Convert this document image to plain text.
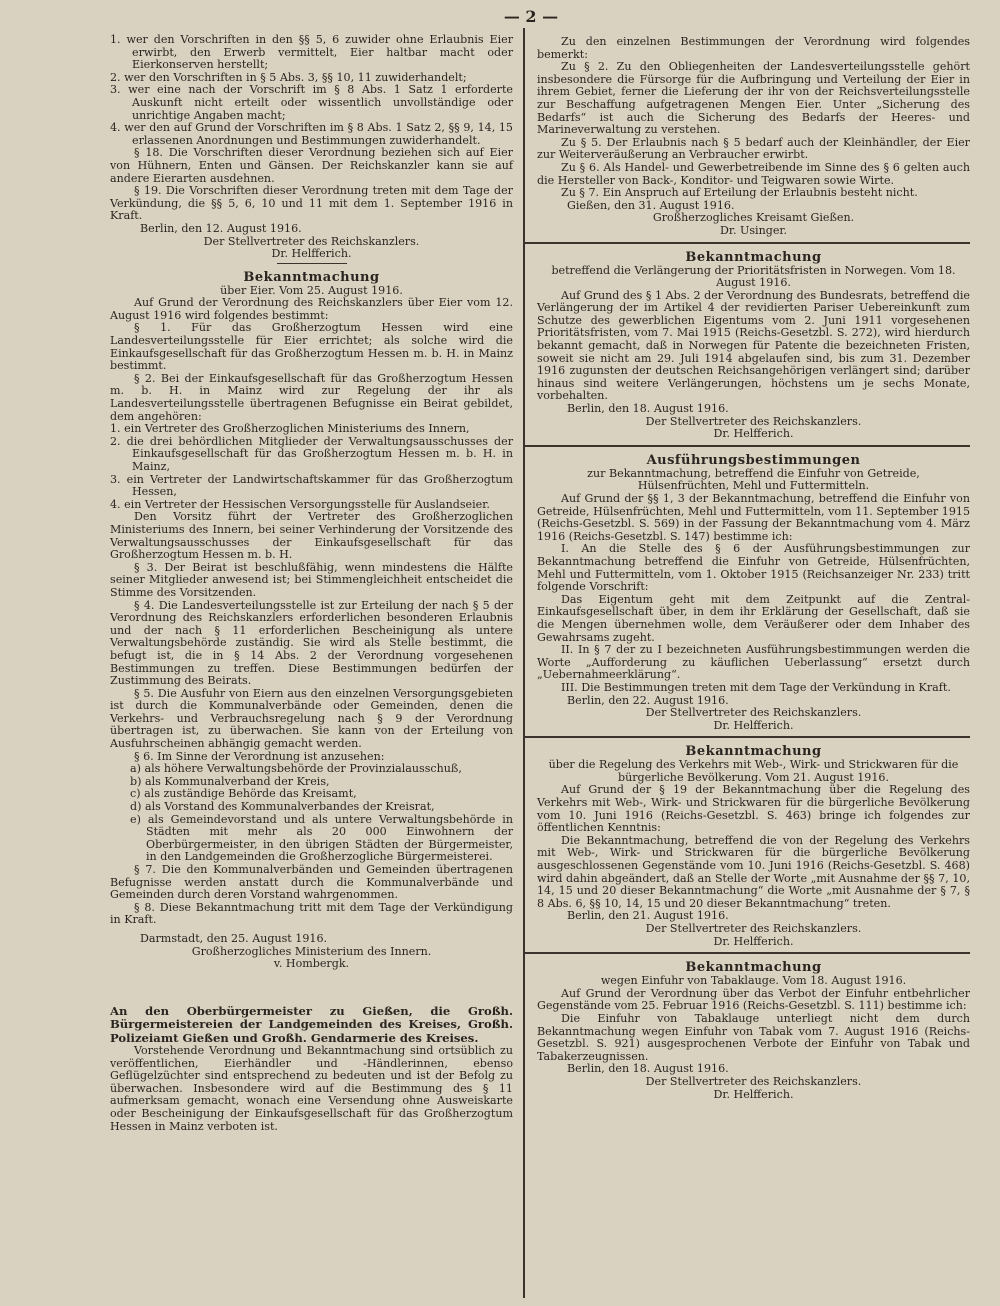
— 2 —

1. wer den Vorschriften in den §§ 5, 6 zuwider ohne Erlaubnis Eier erwirbt, den Erwerb vermittelt, Eier haltbar macht oder Eierkonserven herstellt;

2. wer den Vorschriften in § 5 Abs. 3, §§ 10, 11 zuwiderhandelt;

3. wer eine nach der Vorschrift im § 8 Abs. 1 Satz 1 erforderte Auskunft nicht erteilt oder wissentlich unvollständige oder unrichtige Angaben macht;

4. wer den auf Grund der Vorschriften im § 8 Abs. 1 Satz 2, §§ 9, 14, 15 erlassenen Anordnungen und Bestimmungen zuwiderhandelt.

§ 18. Die Vorschriften dieser Verordnung beziehen sich auf Eier von Hühnern, Enten und Gänsen. Der Reichskanzler kann sie auf andere Eierarten ausdehnen.

§ 19. Die Vorschriften dieser Verordnung treten mit dem Tage der Verkündung, die §§ 5, 6, 10 und 11 mit dem 1. September 1916 in Kraft.

Berlin, den 12. August 1916.

Der Stellvertreter des Reichskanzlers.

Dr. Helfferich.

Bekanntmachung

über Eier. Vom 25. August 1916.

Auf Grund der Verordnung des Reichskanzlers über Eier vom 12. August 1916 wird folgendes bestimmt:

§ 1. Für das Großherzogtum Hessen wird eine Landesverteilungsstelle für Eier errichtet; als solche wird die Einkaufsgesellschaft für das Großherzogtum Hessen m. b. H. in Mainz bestimmt.

§ 2. Bei der Einkaufsgesellschaft für das Großherzogtum Hessen m. b. H. in Mainz wird zur Regelung der ihr als Landesverteilungsstelle übertragenen Befugnisse ein Beirat gebildet, dem angehören:

1. ein Vertreter des Großherzoglichen Ministeriums des Innern,

2. die drei behördlichen Mitglieder der Verwaltungsausschusses der Einkaufsgesellschaft für das Großherzogtum Hessen m. b. H. in Mainz,

3. ein Vertreter der Landwirtschaftskammer für das Großherzogtum Hessen,

4. ein Vertreter der Hessischen Versorgungsstelle für Auslandseier.

Den Vorsitz führt der Vertreter des Großherzoglichen Ministeriums des Innern, bei seiner Verhinderung der Vorsitzende des Verwaltungsausschusses der Einkaufsgesellschaft für das Großherzogtum Hessen m. b. H.

§ 3. Der Beirat ist beschlußfähig, wenn mindestens die Hälfte seiner Mitglieder anwesend ist; bei Stimmengleichheit entscheidet die Stimme des Vorsitzenden.

§ 4. Die Landesverteilungsstelle ist zur Erteilung der nach § 5 der Verordnung des Reichskanzlers erforderlichen besonderen Erlaubnis und der nach § 11 erforderlichen Bescheinigung als untere Verwaltungsbehörde zuständig. Sie wird als Stelle bestimmt, die befugt ist, die in § 14 Abs. 2 der Verordnung vorgesehenen Bestimmungen zu treffen. Diese Bestimmungen bedürfen der Zustimmung des Beirats.

§ 5. Die Ausfuhr von Eiern aus den einzelnen Versorgungsgebieten ist durch die Kommunalverbände oder Gemeinden, denen die Verkehrs- und Verbrauchsregelung nach § 9 der Verordnung übertragen ist, zu überwachen. Sie kann von der Erteilung von Ausfuhrscheinen abhängig gemacht werden.

§ 6. Im Sinne der Verordnung ist anzusehen:

a) als höhere Verwaltungsbehörde der Provinzialausschuß,

b) als Kommunalverband der Kreis,

c) als zuständige Behörde das Kreisamt,

d) als Vorstand des Kommunalverbandes der Kreisrat,

e) als Gemeindevorstand und als untere Verwaltungsbehörde in Städten mit mehr als 20 000 Einwohnern der Oberbürgermeister, in den übrigen Städten der Bürgermeister, in den Landgemeinden die Großherzogliche Bürgermeisterei.

§ 7. Die den Kommunalverbänden und Gemeinden übertragenen Befugnisse werden anstatt durch die Kommunalverbände und Gemeinden durch deren Vorstand wahrgenommen.

§ 8. Diese Bekanntmachung tritt mit dem Tage der Verkündigung in Kraft.

Darmstadt, den 25. August 1916.

Großherzogliches Ministerium des Innern.

v. Hombergk.

An den Oberbürgermeister zu Gießen, die Großh. Bürgermeistereien der Landgemeinden des Kreises, Großh. Polizeiamt Gießen und Großh. Gendarmerie des Kreises.

Vorstehende Verordnung und Bekanntmachung sind ortsüblich zu veröffentlichen, Eierhändler und -Händlerinnen, ebenso Geflügelzüchter sind entsprechend zu bedeuten und ist der Befolg zu überwachen. Insbesondere wird auf die Bestimmung des § 11 aufmerksam gemacht, wonach eine Versendung ohne Ausweiskarte oder Bescheinigung der Einkaufsgesellschaft für das Großherzogtum Hessen in Mainz verboten ist.

Zu den einzelnen Bestimmungen der Verordnung wird folgendes bemerkt:

Zu § 2. Zu den Obliegenheiten der Landesverteilungsstelle gehört insbesondere die Fürsorge für die Aufbringung und Verteilung der Eier in ihrem Gebiet, ferner die Lieferung der ihr von der Reichsverteilungsstelle zur Beschaffung aufgetragenen Mengen Eier. Unter „Sicherung des Bedarfs“ ist auch die Sicherung des Bedarfs der Heeres- und Marineverwaltung zu verstehen.

Zu § 5. Der Erlaubnis nach § 5 bedarf auch der Kleinhändler, der Eier zur Weiterveräußerung an Verbraucher erwirbt.

Zu § 6. Als Handel- und Gewerbetreibende im Sinne des § 6 gelten auch die Hersteller von Back-, Konditor- und Teigwaren sowie Wirte.

Zu § 7. Ein Anspruch auf Erteilung der Erlaubnis besteht nicht.

Gießen, den 31. August 1916.

Großherzogliches Kreisamt Gießen.

Dr. Usinger.

Bekanntmachung

betreffend die Verlängerung der Prioritätsfristen in Norwegen. Vom 18. August 1916.

Auf Grund des § 1 Abs. 2 der Verordnung des Bundesrats, betreffend die Verlängerung der im Artikel 4 der revidierten Pariser Uebereinkunft zum Schutze des gewerblichen Eigentums vom 2. Juni 1911 vorgesehenen Prioritätsfristen, vom 7. Mai 1915 (Reichs-Gesetzbl. S. 272), wird hierdurch bekannt gemacht, daß in Norwegen für Patente die bezeichneten Fristen, soweit sie nicht am 29. Juli 1914 abgelaufen sind, bis zum 31. Dezember 1916 zugunsten der deutschen Reichsangehörigen verlängert sind; darüber hinaus sind weitere Verlängerungen, höchstens um je sechs Monate, vorbehalten.

Berlin, den 18. August 1916.

Der Stellvertreter des Reichskanzlers.

Dr. Helfferich.

Ausführungsbestimmungen

zur Bekanntmachung, betreffend die Einfuhr von Getreide, Hülsenfrüchten, Mehl und Futtermitteln.

Auf Grund der §§ 1, 3 der Bekanntmachung, betreffend die Einfuhr von Getreide, Hülsenfrüchten, Mehl und Futtermitteln, vom 11. September 1915 (Reichs-Gesetzbl. S. 569) in der Fassung der Bekanntmachung vom 4. März 1916 (Reichs-Gesetzbl. S. 147) bestimme ich:

I. An die Stelle des § 6 der Ausführungsbestimmungen zur Bekanntmachung betreffend die Einfuhr von Getreide, Hülsenfrüchten, Mehl und Futtermitteln, vom 1. Oktober 1915 (Reichsanzeiger Nr. 233) tritt folgende Vorschrift:

Das Eigentum geht mit dem Zeitpunkt auf die Zentral-Einkaufsgesellschaft über, in dem ihr Erklärung der Gesellschaft, daß sie die Mengen übernehmen wolle, dem Veräußerer oder dem Inhaber des Gewahrsams zugeht.

II. In § 7 der zu I bezeichneten Ausführungsbestimmungen werden die Worte „Aufforderung zu käuflichen Ueberlassung“ ersetzt durch „Uebernahmeerklärung“.

III. Die Bestimmungen treten mit dem Tage der Verkündung in Kraft.

Berlin, den 22. August 1916.

Der Stellvertreter des Reichskanzlers.

Dr. Helfferich.

Bekanntmachung

über die Regelung des Verkehrs mit Web-, Wirk- und Strickwaren für die bürgerliche Bevölkerung. Vom 21. August 1916.

Auf Grund der § 19 der Bekanntmachung über die Regelung des Verkehrs mit Web-, Wirk- und Strickwaren für die bürgerliche Bevölkerung vom 10. Juni 1916 (Reichs-Gesetzbl. S. 463) bringe ich folgendes zur öffentlichen Kenntnis:

Die Bekanntmachung, betreffend die von der Regelung des Verkehrs mit Web-, Wirk- und Strickwaren für die bürgerliche Bevölkerung ausgeschlossenen Gegenstände vom 10. Juni 1916 (Reichs-Gesetzbl. S. 468) wird dahin abgeändert, daß an Stelle der Worte „mit Ausnahme der §§ 7, 10, 14, 15 und 20 dieser Bekanntmachung“ die Worte „mit Ausnahme der § 7, § 8 Abs. 6, §§ 10, 14, 15 und 20 dieser Bekanntmachung“ treten.

Berlin, den 21. August 1916.

Der Stellvertreter des Reichskanzlers.

Dr. Helfferich.

Bekanntmachung

wegen Einfuhr von Tabaklauge. Vom 18. August 1916.

Auf Grund der Verordnung über das Verbot der Einfuhr entbehrlicher Gegenstände vom 25. Februar 1916 (Reichs-Gesetzbl. S. 111) bestimme ich:

Die Einfuhr von Tabaklauge unterliegt nicht dem durch Bekanntmachung wegen Einfuhr von Tabak vom 7. August 1916 (Reichs-Gesetzbl. S. 921) ausgesprochenen Verbote der Einfuhr von Tabak und Tabakerzeugnissen.

Berlin, den 18. August 1916.

Der Stellvertreter des Reichskanzlers.

Dr. Helfferich.
